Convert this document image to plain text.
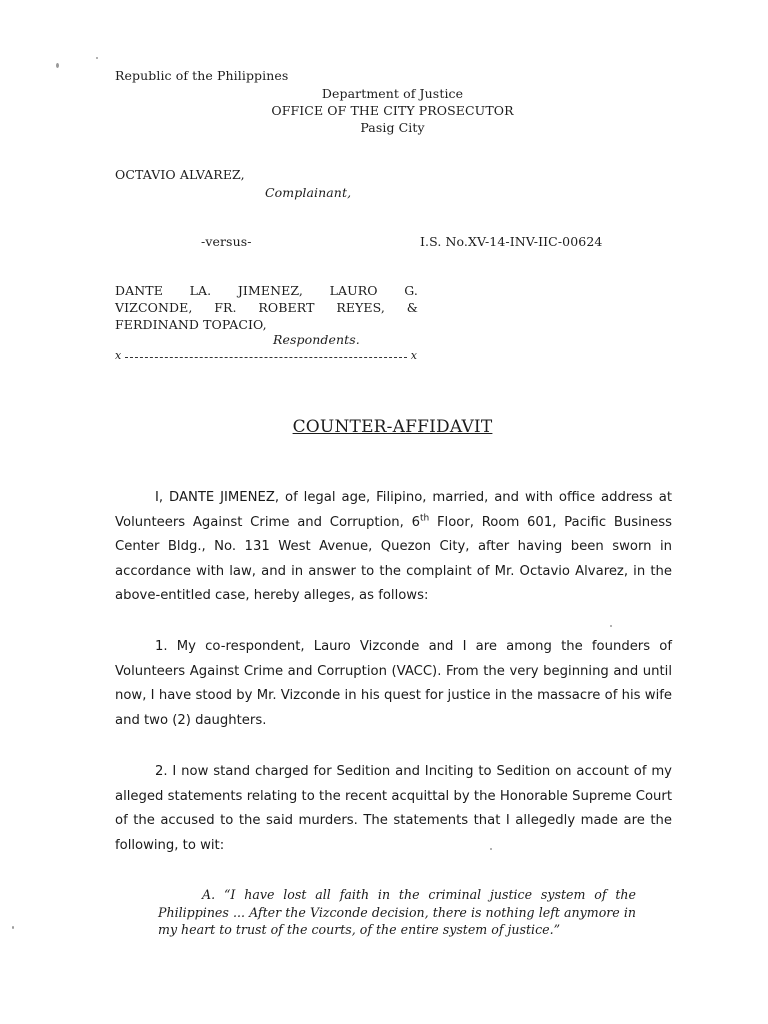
Republic of the Philippines
Department of Justice
OFFICE OF THE CITY PROSECUTOR
Pasig City
OCTAVIO ALVAREZ,
Complainant,
-versus-	I.S. No.XV-14-INV-IIC-00624
DANTE LA. JIMENEZ, LAURO G.
VIZCONDE, FR. ROBERT REYES, &
FERDINAND TOPACIO,
Respondents.
x	x
COUNTER-AFFIDAVIT

I, DANTE JIMENEZ, of legal age, Filipino, married, and with office address at Volunteers Against Crime and Corruption, 6th Floor, Room 601, Pacific Business Center Bldg., No. 131 West Avenue, Quezon City, after having been sworn in accordance with law, and in answer to the complaint of Mr. Octavio Alvarez, in the above-entitled case, hereby alleges, as follows:

1. My co-respondent, Lauro Vizconde and I are among the founders of Volunteers Against Crime and Corruption (VACC). From the very beginning and until now, I have stood by Mr. Vizconde in his quest for justice in the massacre of his wife and two (2) daughters.

2. I now stand charged for Sedition and Inciting to Sedition on account of my alleged statements relating to the recent acquittal by the Honorable Supreme Court of the accused to the said murders. The statements that I allegedly made are the following, to wit:

A. “I have lost all faith in the criminal justice system of the Philippines ... After the Vizconde decision, there is nothing left anymore in my heart to trust of the courts, of the entire system of justice.”
